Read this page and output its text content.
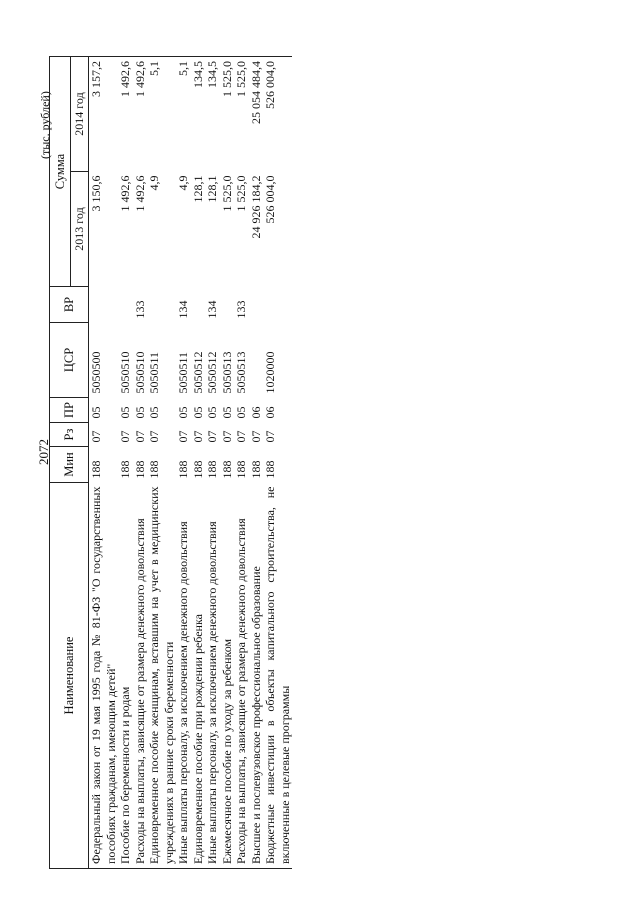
2072
(тыс. рублей)
Наименование	Мин	Рз	ПР	ЦСР	ВР	Сумма	
						2013 год	2014 год
Федеральный закон от 19 мая 1995 года № 81-ФЗ "О государственных пособиях гражданам, имеющим детей"	188	07	05	5050500		3 150,6	3 157,2
Пособие по беременности и родам	188	07	05	5050510		1 492,6	1 492,6
Расходы на выплаты, зависящие от размера денежного довольствия	188	07	05	5050510	133	1 492,6	1 492,6
Единовременное пособие женщинам, вставшим на учет в медицинских учреждениях в ранние сроки беременности	188	07	05	5050511		4,9	5,1
Иные выплаты персоналу, за исключением денежного довольствия	188	07	05	5050511	134	4,9	5,1
Единовременное пособие при рождении ребенка	188	07	05	5050512		128,1	134,5
Иные выплаты персоналу, за исключением денежного довольствия	188	07	05	5050512	134	128,1	134,5
Ежемесячное пособие по уходу за ребенком	188	07	05	5050513		1 525,0	1 525,0
Расходы на выплаты, зависящие от размера денежного довольствия	188	07	05	5050513	133	1 525,0	1 525,0
Высшее и послевузовское профессиональное образование	188	07	06			24 926 184,2	25 054 484,4
Бюджетные инвестиции в объекты капитального строительства, не включенные в целевые программы	188	07	06	1020000		526 004,0	526 004,0
